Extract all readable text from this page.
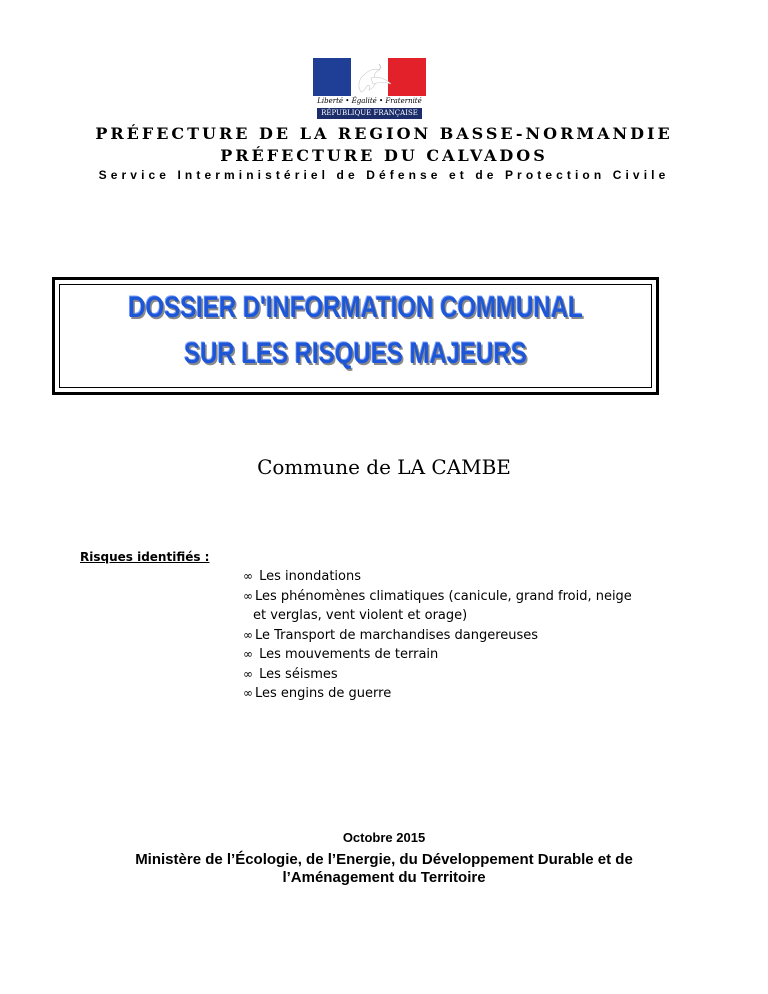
Liberté • Égalité • Fraternité
RÉPUBLIQUE FRANÇAISE
PRÉFECTURE DE LA REGION BASSE-NORMANDIE
PRÉFECTURE DU CALVADOS
Service Interministériel de Défense et de Protection Civile
DOSSIER D'INFORMATION COMMUNAL
SUR LES RISQUES MAJEURS
Commune de LA CAMBE
Risques identifiés :
∞ Les inondations
∞ Les phénomènes climatiques (canicule, grand froid, neige
et verglas, vent violent et orage)
∞ Le Transport de marchandises dangereuses
∞ Les mouvements de terrain
∞ Les séismes
∞ Les engins de guerre
Octobre 2015
Ministère de l’Écologie, de l’Energie, du Développement Durable et de
l’Aménagement du Territoire
